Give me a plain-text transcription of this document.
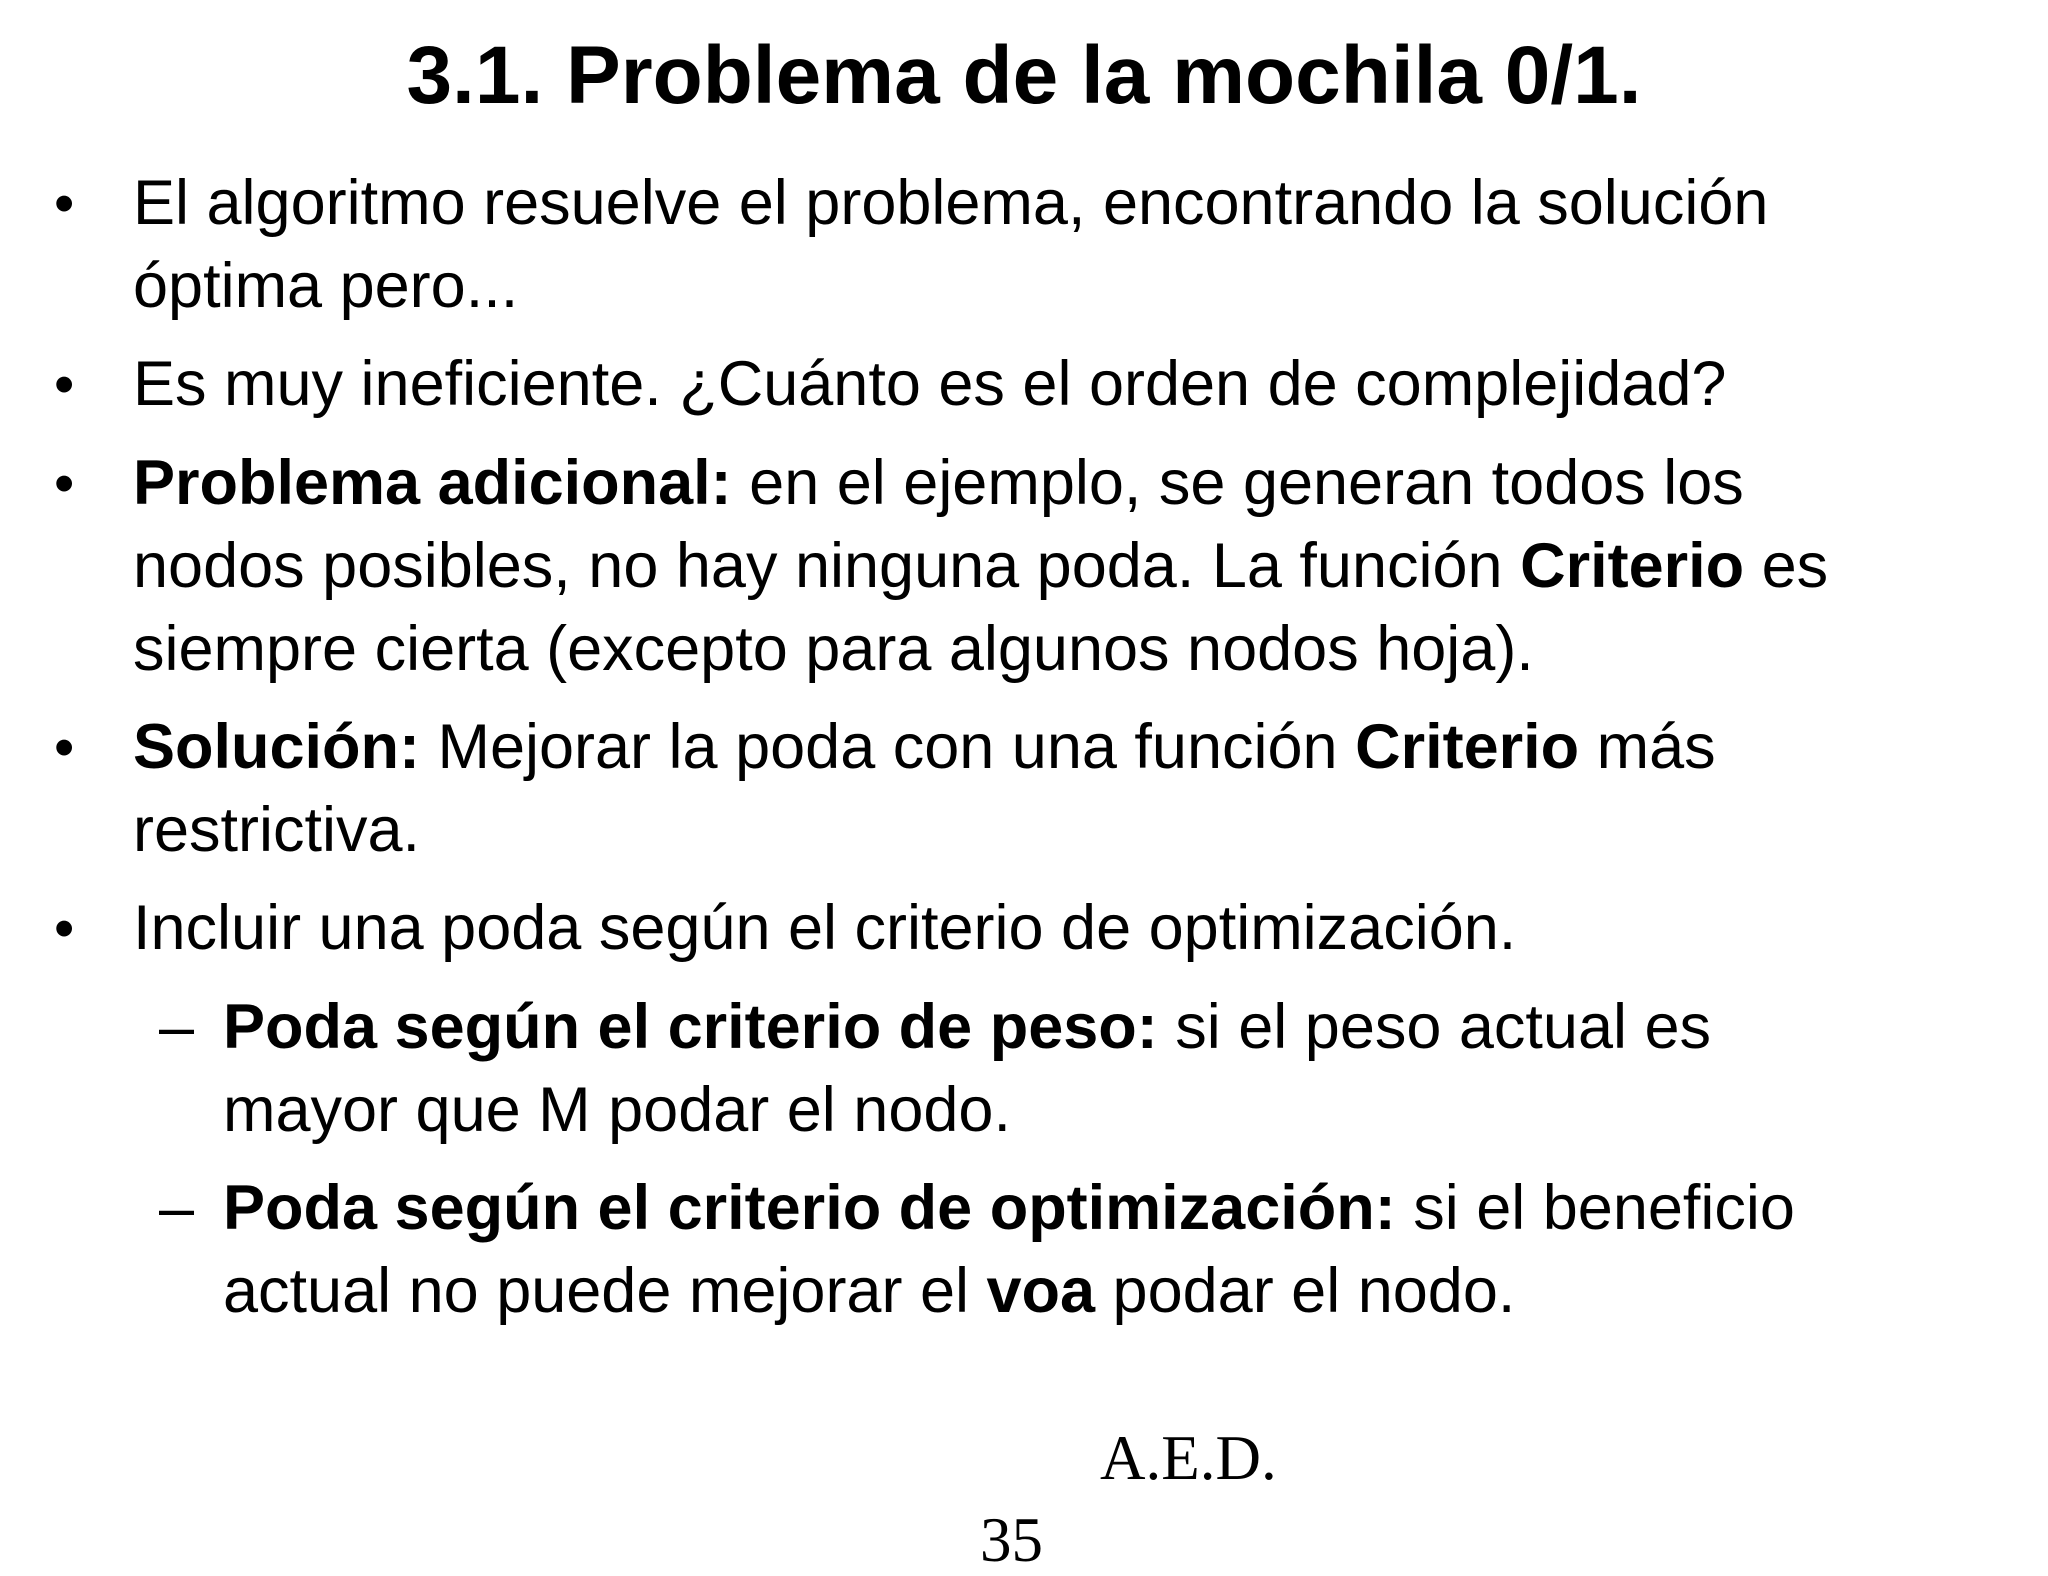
3.1. Problema de la mochila 0/1.
• El algoritmo resuelve el problema, encontrando la solución
óptima pero...
• Es muy ineficiente. ¿Cuánto es el orden de complejidad?
• Problema adicional: en el ejemplo, se generan todos los
nodos posibles, no hay ninguna poda. La función Criterio es
siempre cierta (excepto para algunos nodos hoja).
• Solución: Mejorar la poda con una función Criterio más
restrictiva.
• Incluir una poda según el criterio de optimización.
– Poda según el criterio de peso: si el peso actual es
mayor que M podar el nodo.
– Poda según el criterio de optimización: si el beneficio
actual no puede mejorar el voa podar el nodo.
A.E.D.
35
